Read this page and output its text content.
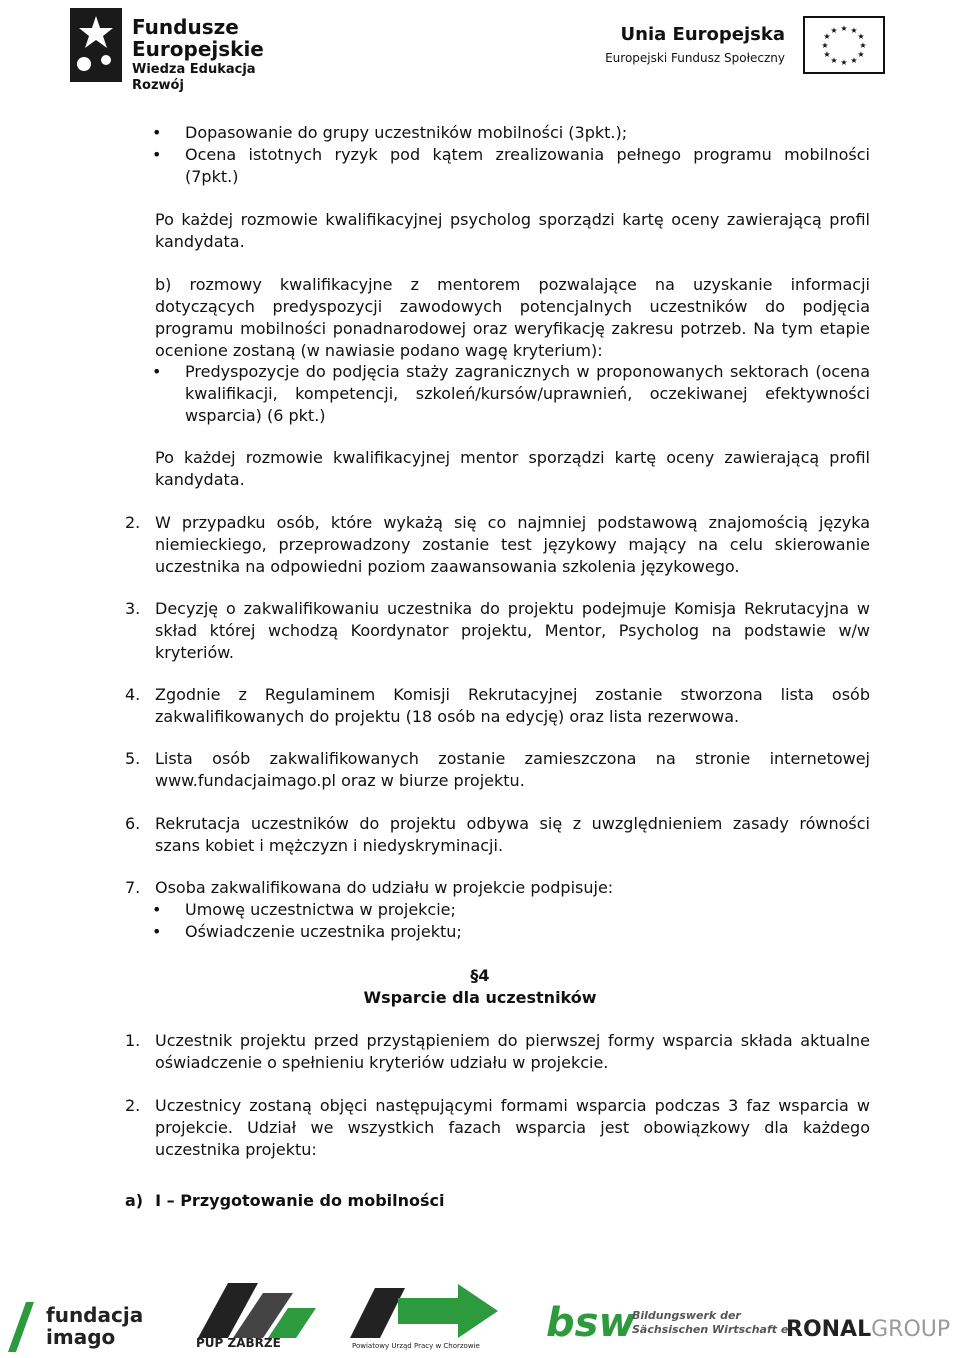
Fundusze
Europejskie
Wiedza Edukacja Rozwój
Unia Europejska
Europejski Fundusz Społeczny
★ ★
★
★
★
★
★
★
★
★
★
★
• Dopasowanie do grupy uczestników mobilności (3pkt.);
• Ocena istotnych ryzyk pod kątem zrealizowania pełnego programu mobilności (7pkt.)
Po każdej rozmowie kwalifikacyjnej psycholog sporządzi kartę oceny zawierającą profil kandydata.
b) rozmowy kwalifikacyjne z mentorem pozwalające na uzyskanie informacji dotyczących predyspozycji zawodowych potencjalnych uczestników do podjęcia programu mobilności ponadnarodowej oraz weryfikację zakresu potrzeb. Na tym etapie ocenione zostaną (w nawiasie podano wagę kryterium):
• Predyspozycje do podjęcia staży zagranicznych w proponowanych sektorach (ocena kwalifikacji, kompetencji, szkoleń/kursów/uprawnień, oczekiwanej efektywności wsparcia) (6 pkt.)
Po każdej rozmowie kwalifikacyjnej mentor sporządzi kartę oceny zawierającą profil kandydata.
2. W przypadku osób, które wykażą się co najmniej podstawową znajomością języka niemieckiego, przeprowadzony zostanie test językowy mający na celu skierowanie uczestnika na odpowiedni poziom zaawansowania szkolenia językowego.
3. Decyzję o zakwalifikowaniu uczestnika do projektu podejmuje Komisja Rekrutacyjna w skład której wchodzą Koordynator projektu, Mentor, Psycholog na podstawie w/w kryteriów.
4. Zgodnie z Regulaminem Komisji Rekrutacyjnej zostanie stworzona lista osób zakwalifikowanych do projektu (18 osób na edycję) oraz lista rezerwowa.
5. Lista osób zakwalifikowanych zostanie zamieszczona na stronie internetowej www.fundacjaimago.pl oraz w biurze projektu.
6. Rekrutacja uczestników do projektu odbywa się z uwzględnieniem zasady równości szans kobiet i mężczyzn i niedyskryminacji.
7. Osoba zakwalifikowana do udziału w projekcie podpisuje:
• Umowę uczestnictwa w projekcie;
• Oświadczenie uczestnika projektu;
§4
Wsparcie dla uczestników
1. Uczestnik projektu przed przystąpieniem do pierwszej formy wsparcia składa aktualne oświadczenie o spełnieniu kryteriów udziału w projekcie.
2. Uczestnicy zostaną objęci następującymi formami wsparcia podczas 3 faz wsparcia w projekcie. Udział we wszystkich fazach wsparcia jest obowiązkowy dla każdego uczestnika projektu:
a) I – Przygotowanie do mobilności
fundacja
imago	PUP ZABRZE	Powiatowy Urząd Pracy w Chorzowie bsw
Bildungswerk der
Sächsischen Wirtschaft e.
RONALGROUP
